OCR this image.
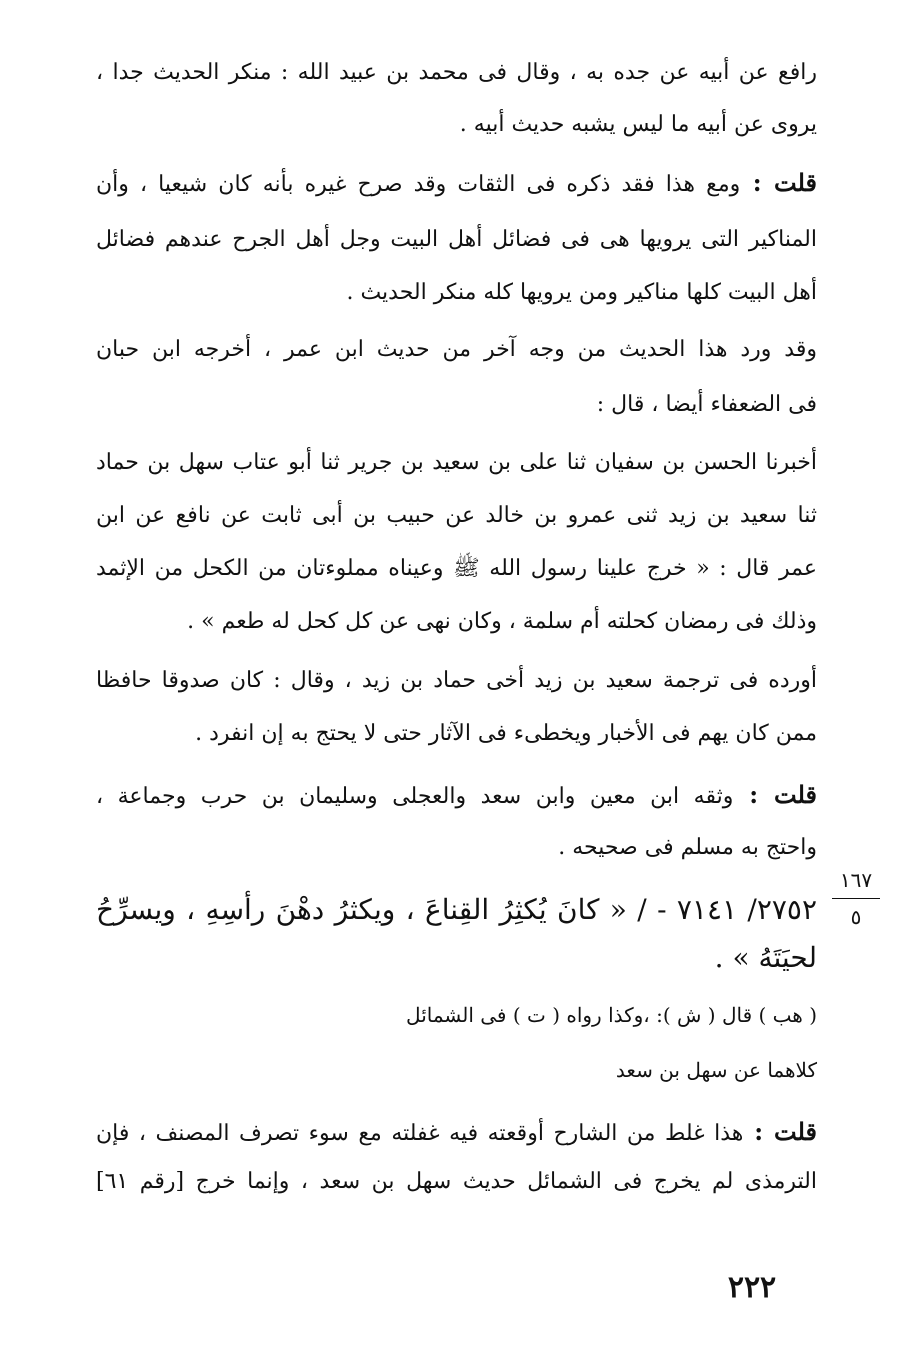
رافع عن أبيه عن جده به ، وقال فى محمد بن عبيد الله : منكر الحديث جدا ،
يروى عن أبيه ما ليس يشبه حديث أبيه .
قلت : ومع هذا فقد ذكره فى الثقات وقد صرح غيره بأنه كان شيعيا ، وأن
المناكير التى يرويها هى فى فضائل أهل البيت وجل أهل الجرح عندهم فضائل
أهل البيت كلها مناكير ومن يرويها كله منكر الحديث .
وقد ورد هذا الحديث من وجه آخر من حديث ابن عمر ، أخرجه ابن حبان
فى الضعفاء أيضا ، قال :
أخبرنا الحسن بن سفيان ثنا على بن سعيد بن جرير ثنا أبو عتاب سهل بن حماد
ثنا سعيد بن زيد ثنى عمرو بن خالد عن حبيب بن أبى ثابت عن نافع عن ابن
عمر قال : « خرج علينا رسول الله ﷺ وعيناه مملوءتان من الكحل من الإثمد
وذلك فى رمضان كحلته أم سلمة ، وكان نهى عن كل كحل له طعم » .
أورده فى ترجمة سعيد بن زيد أخى حماد بن زيد ، وقال : كان صدوقا حافظا
ممن كان يهم فى الأخبار ويخطىء فى الآثار حتى لا يحتج به إن انفرد .
قلت : وثقه ابن معين وابن سعد والعجلى وسليمان بن حرب وجماعة ،
واحتج به مسلم فى صحيحه .
١٦٧
٥
٢٧٥٢/ ٧١٤١ - / « كانَ يُكثِرُ القِناعَ ، ويكثرُ دهْنَ رأسِهِ ، ويسرِّحُ
لحيَتَهُ » .
( هب ) قال ( ش ): ،وكذا رواه ( ت ) فى الشمائل
كلاهما عن سهل بن سعد
قلت : هذا غلط من الشارح أوقعته فيه غفلته مع سوء تصرف المصنف ، فإن
الترمذى لم يخرج فى الشمائل حديث سهل بن سعد ، وإنما خرج [رقم ٦١]
٢٢٢
